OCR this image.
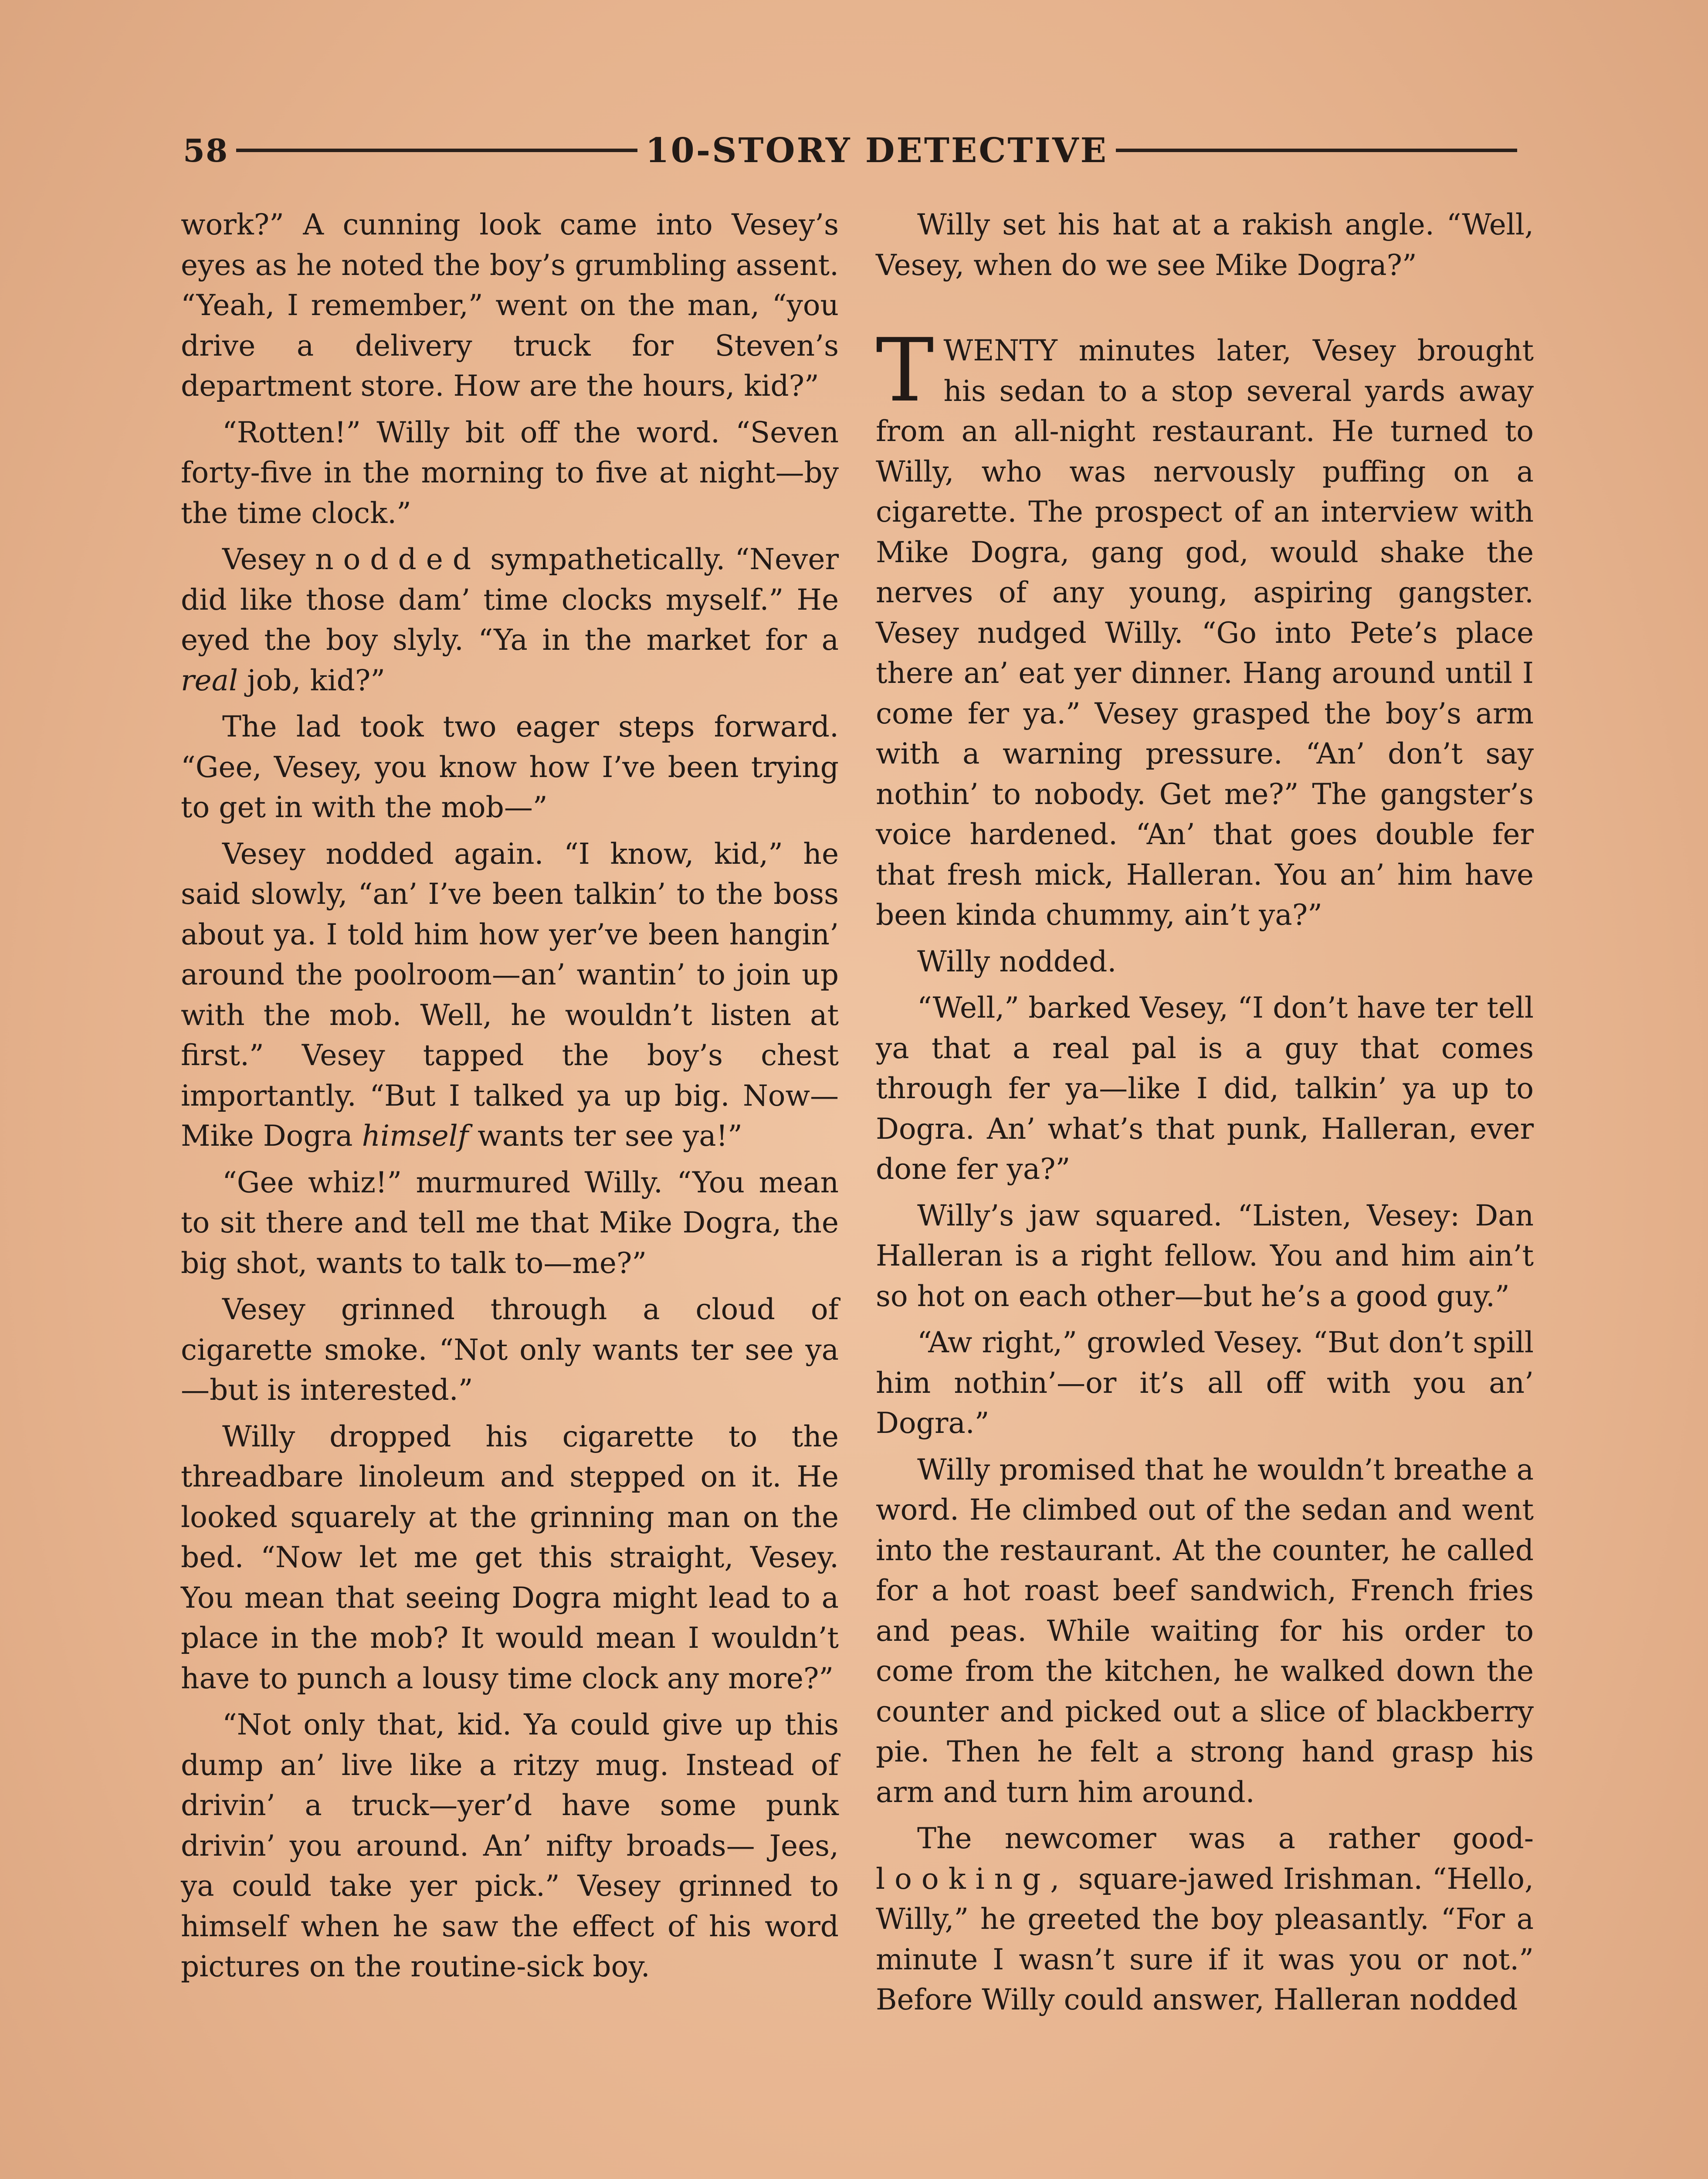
58	10-STORY DETECTIVE

work?” A cunning look came into Vesey’s eyes as he noted the boy’s grumbling assent. “Yeah, I remember,” went on the man, “you drive a delivery truck for Steven’s department store. How are the hours, kid?”

“Rotten!” Willy bit off the word. “Seven forty-five in the morning to five at night—by the time clock.”

Vesey nodded sympathetically. “Never did like those dam’ time clocks myself.” He eyed the boy slyly. “Ya in the market for a real job, kid?”

The lad took two eager steps forward. “Gee, Vesey, you know how I’ve been trying to get in with the mob—”

Vesey nodded again. “I know, kid,” he said slowly, “an’ I’ve been talkin’ to the boss about ya. I told him how yer’ve been hangin’ around the poolroom—an’ wantin’ to join up with the mob. Well, he wouldn’t listen at first.” Vesey tapped the boy’s chest importantly. “But I talked ya up big. Now—Mike Dogra himself wants ter see ya!”

“Gee whiz!” murmured Willy. “You mean to sit there and tell me that Mike Dogra, the big shot, wants to talk to—me?”

Vesey grinned through a cloud of cigarette smoke. “Not only wants ter see ya—but is interested.”

Willy dropped his cigarette to the threadbare linoleum and stepped on it. He looked squarely at the grinning man on the bed. “Now let me get this straight, Vesey. You mean that seeing Dogra might lead to a place in the mob? It would mean I wouldn’t have to punch a lousy time clock any more?”

“Not only that, kid. Ya could give up this dump an’ live like a ritzy mug. Instead of drivin’ a truck—yer’d have some punk drivin’ you around. An’ nifty broads— Jees, ya could take yer pick.” Vesey grinned to himself when he saw the effect of his word pictures on the routine-sick boy.

Willy set his hat at a rakish angle. “Well, Vesey, when do we see Mike Dogra?”

TWENTY minutes later, Vesey brought his sedan to a stop several yards away from an all-night restaurant. He turned to Willy, who was nervously puffing on a cigarette. The prospect of an interview with Mike Dogra, gang god, would shake the nerves of any young, aspiring gangster. Vesey nudged Willy. “Go into Pete’s place there an’ eat yer dinner. Hang around until I come fer ya.” Vesey grasped the boy’s arm with a warning pressure. “An’ don’t say nothin’ to nobody. Get me?” The gangster’s voice hardened. “An’ that goes double fer that fresh mick, Halleran. You an’ him have been kinda chummy, ain’t ya?”

Willy nodded.

“Well,” barked Vesey, “I don’t have ter tell ya that a real pal is a guy that comes through fer ya—like I did, talkin’ ya up to Dogra. An’ what’s that punk, Halleran, ever done fer ya?”

Willy’s jaw squared. “Listen, Vesey: Dan Halleran is a right fellow. You and him ain’t so hot on each other—but he’s a good guy.”

“Aw right,” growled Vesey. “But don’t spill him nothin’—or it’s all off with you an’ Dogra.”

Willy promised that he wouldn’t breathe a word. He climbed out of the sedan and went into the restaurant. At the counter, he called for a hot roast beef sandwich, French fries and peas. While waiting for his order to come from the kitchen, he walked down the counter and picked out a slice of blackberry pie. Then he felt a strong hand grasp his arm and turn him around.

The newcomer was a rather good-looking, square-jawed Irishman. “Hello, Willy,” he greeted the boy pleasantly. “For a minute I wasn’t sure if it was you or not.” Before Willy could answer, Halleran nodded
